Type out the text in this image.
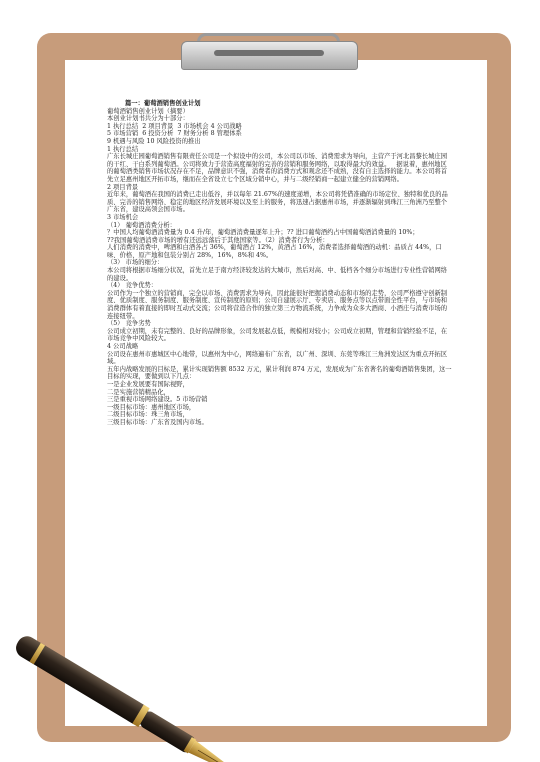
篇一：葡萄酒销售创业计划
葡萄酒销售创业计划（摘要）
本创业计划书共分为十部分：
1 执行总结  2 项目背景  3 市场机会 4 公司战略
5 市场营销  6 投资分析  7 财务分析 8 管理体系
9 机遇与风险 10 风险投资的推出
1 执行总结
广东长城庄园葡萄酒销售有限责任公司是一个拟设中的公司，本公司以市场、消费需求为导向，主营产于河北昌黎长城庄园的干红、干白系列葡萄酒。公司将致力于营造高度福射的完善的营销和服务网络，以取得最大的效益。   据说着，惠州地区的葡萄酒类销售市场状况存在不足，品牌意识不强，消费者的消费方式和观念还不成熟，没有自主选择的能力。本公司将首先立足惠州地区开拓市场，继而在全省设立七个区域分销中心，并与二级经销商一起建立健全的营销网络。
2 项目背景
近年来，葡萄酒在我国的消费已走出低谷，并以每年 21.67%的速度递增，本公司将凭借准确的市场定位、独特和优良的品质、完善的销售网络、稳定的地区经济发展环境以及至上的服务，将迅速占据惠州市场，并逐渐辐射到珠江三角洲乃至整个广东省，建设高领会国市场。
3 市场机会
（1） 葡萄酒消费分析：
？中国人均葡萄酒消费量为 0.4 升/年，葡萄酒消费量逐年上升；?? 进口葡萄酒约占中国葡萄酒消费量的 10%；
??我国葡萄酒消费市场的增有还远远落后于其他国家等。（2）消费者行为分析：
人们消费的消费中，啤酒和白酒各占 36%，葡萄酒占 12%，黄酒占 16%，消费者选择葡萄酒的动机：品质占 44%，口味、价格、原产地和包装分别占 28%，16%，8%和 4%。
（3） 市场的细分：
本公司将根据市场细分状况，首先立足于南方经济较发达的大城市，然后对高、中、低档各个细分市场进行专业性营销网络的建设。
（4） 竞争优势：
公司作为一个独立的营销商，完全以市场、消费需求为导向，因此能很好把握消费动态和市场的走势，公司严格遵守创新制度、优质制度、服务制度、服务制度、宣传制度的原则；公司自建展示厅、专卖店、服务点等以点带面全性平台，与市场和消费群体有着直接的即时互动式交流；公司将营造合作的独立第三方物流系统，力争成为众多大酒商、小酒庄与消费市场的连接纽带。
（5） 竞争劣势
公司成立初期，未有完整的、良好的品牌形象，公司发展起点低，规模相对较小；公司成立初期，管理和营销经验不足，在市场竞争中风险较大。
4 公司战略
公司设在惠州市惠城区中心地带，以惠州为中心，网络遍布广东省，以广州、深圳、东莞等珠江三角洲发达区为重点开拓区域。
五年内战略发展的目标是，累计实现销售额 8532 万元，累计利润 874 万元，发展成为广东省著名的葡萄酒销售集团，这一目标的实现，要做到以下几点：
一是企业发展要有国际视野，
二是实施营销精品化，
三是重视市场网络建设。5 市场营销
一级目标市场：惠州地区市场，
二级目标市场：珠三角市场，
三级目标市场：广东省及国内市场。
